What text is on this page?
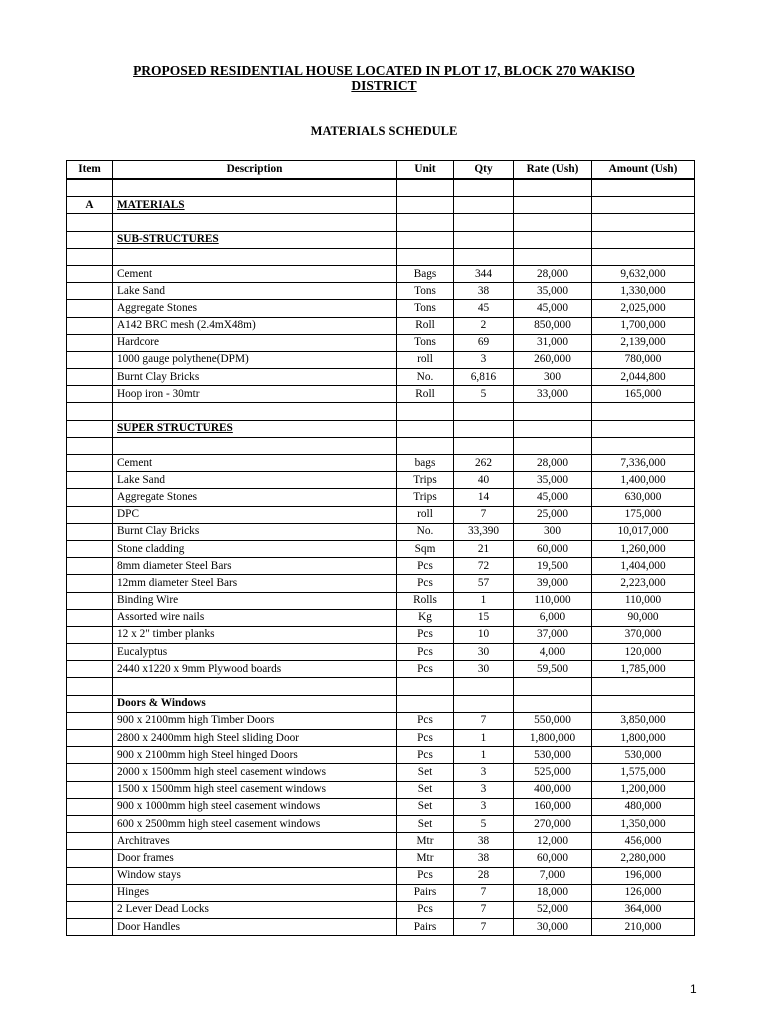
PROPOSED RESIDENTIAL HOUSE LOCATED IN PLOT 17, BLOCK 270 WAKISO
DISTRICT
MATERIALS SCHEDULE
Item	Description	Unit	Qty	Rate (Ush)	Amount (Ush)

A	MATERIALS				

	SUB-STRUCTURES				

	Cement	Bags	344	28,000	9,632,000
	Lake Sand	Tons	38	35,000	1,330,000
	Aggregate Stones	Tons	45	45,000	2,025,000
	A142 BRC mesh (2.4mX48m)	Roll	2	850,000	1,700,000
	Hardcore	Tons	69	31,000	2,139,000
	1000 gauge polythene(DPM)	roll	3	260,000	780,000
	Burnt Clay Bricks	No.	6,816	300	2,044,800
	Hoop iron - 30mtr	Roll	5	33,000	165,000

	SUPER STRUCTURES				

	Cement	bags	262	28,000	7,336,000
	Lake Sand	Trips	40	35,000	1,400,000
	Aggregate Stones	Trips	14	45,000	630,000
	DPC	roll	7	25,000	175,000
	Burnt Clay Bricks	No.	33,390	300	10,017,000
	Stone cladding	Sqm	21	60,000	1,260,000
	8mm diameter Steel Bars	Pcs	72	19,500	1,404,000
	12mm diameter Steel Bars	Pcs	57	39,000	2,223,000
	Binding Wire	Rolls	1	110,000	110,000
	Assorted wire nails	Kg	15	6,000	90,000
	12 x 2" timber planks	Pcs	10	37,000	370,000
	Eucalyptus	Pcs	30	4,000	120,000
	2440 x1220 x 9mm Plywood boards	Pcs	30	59,500	1,785,000

	Doors & Windows				
	900 x 2100mm high Timber Doors	Pcs	7	550,000	3,850,000
	2800 x 2400mm high Steel sliding Door	Pcs	1	1,800,000	1,800,000
	900 x 2100mm high Steel hinged Doors	Pcs	1	530,000	530,000
	2000 x 1500mm high steel casement windows	Set	3	525,000	1,575,000
	1500 x 1500mm high steel casement windows	Set	3	400,000	1,200,000
	900 x 1000mm high steel casement windows	Set	3	160,000	480,000
	600 x 2500mm high steel casement windows	Set	5	270,000	1,350,000
	Architraves	Mtr	38	12,000	456,000
	Door frames	Mtr	38	60,000	2,280,000
	Window stays	Pcs	28	7,000	196,000
	Hinges	Pairs	7	18,000	126,000
	2 Lever Dead Locks	Pcs	7	52,000	364,000
	Door Handles	Pairs	7	30,000	210,000
1
